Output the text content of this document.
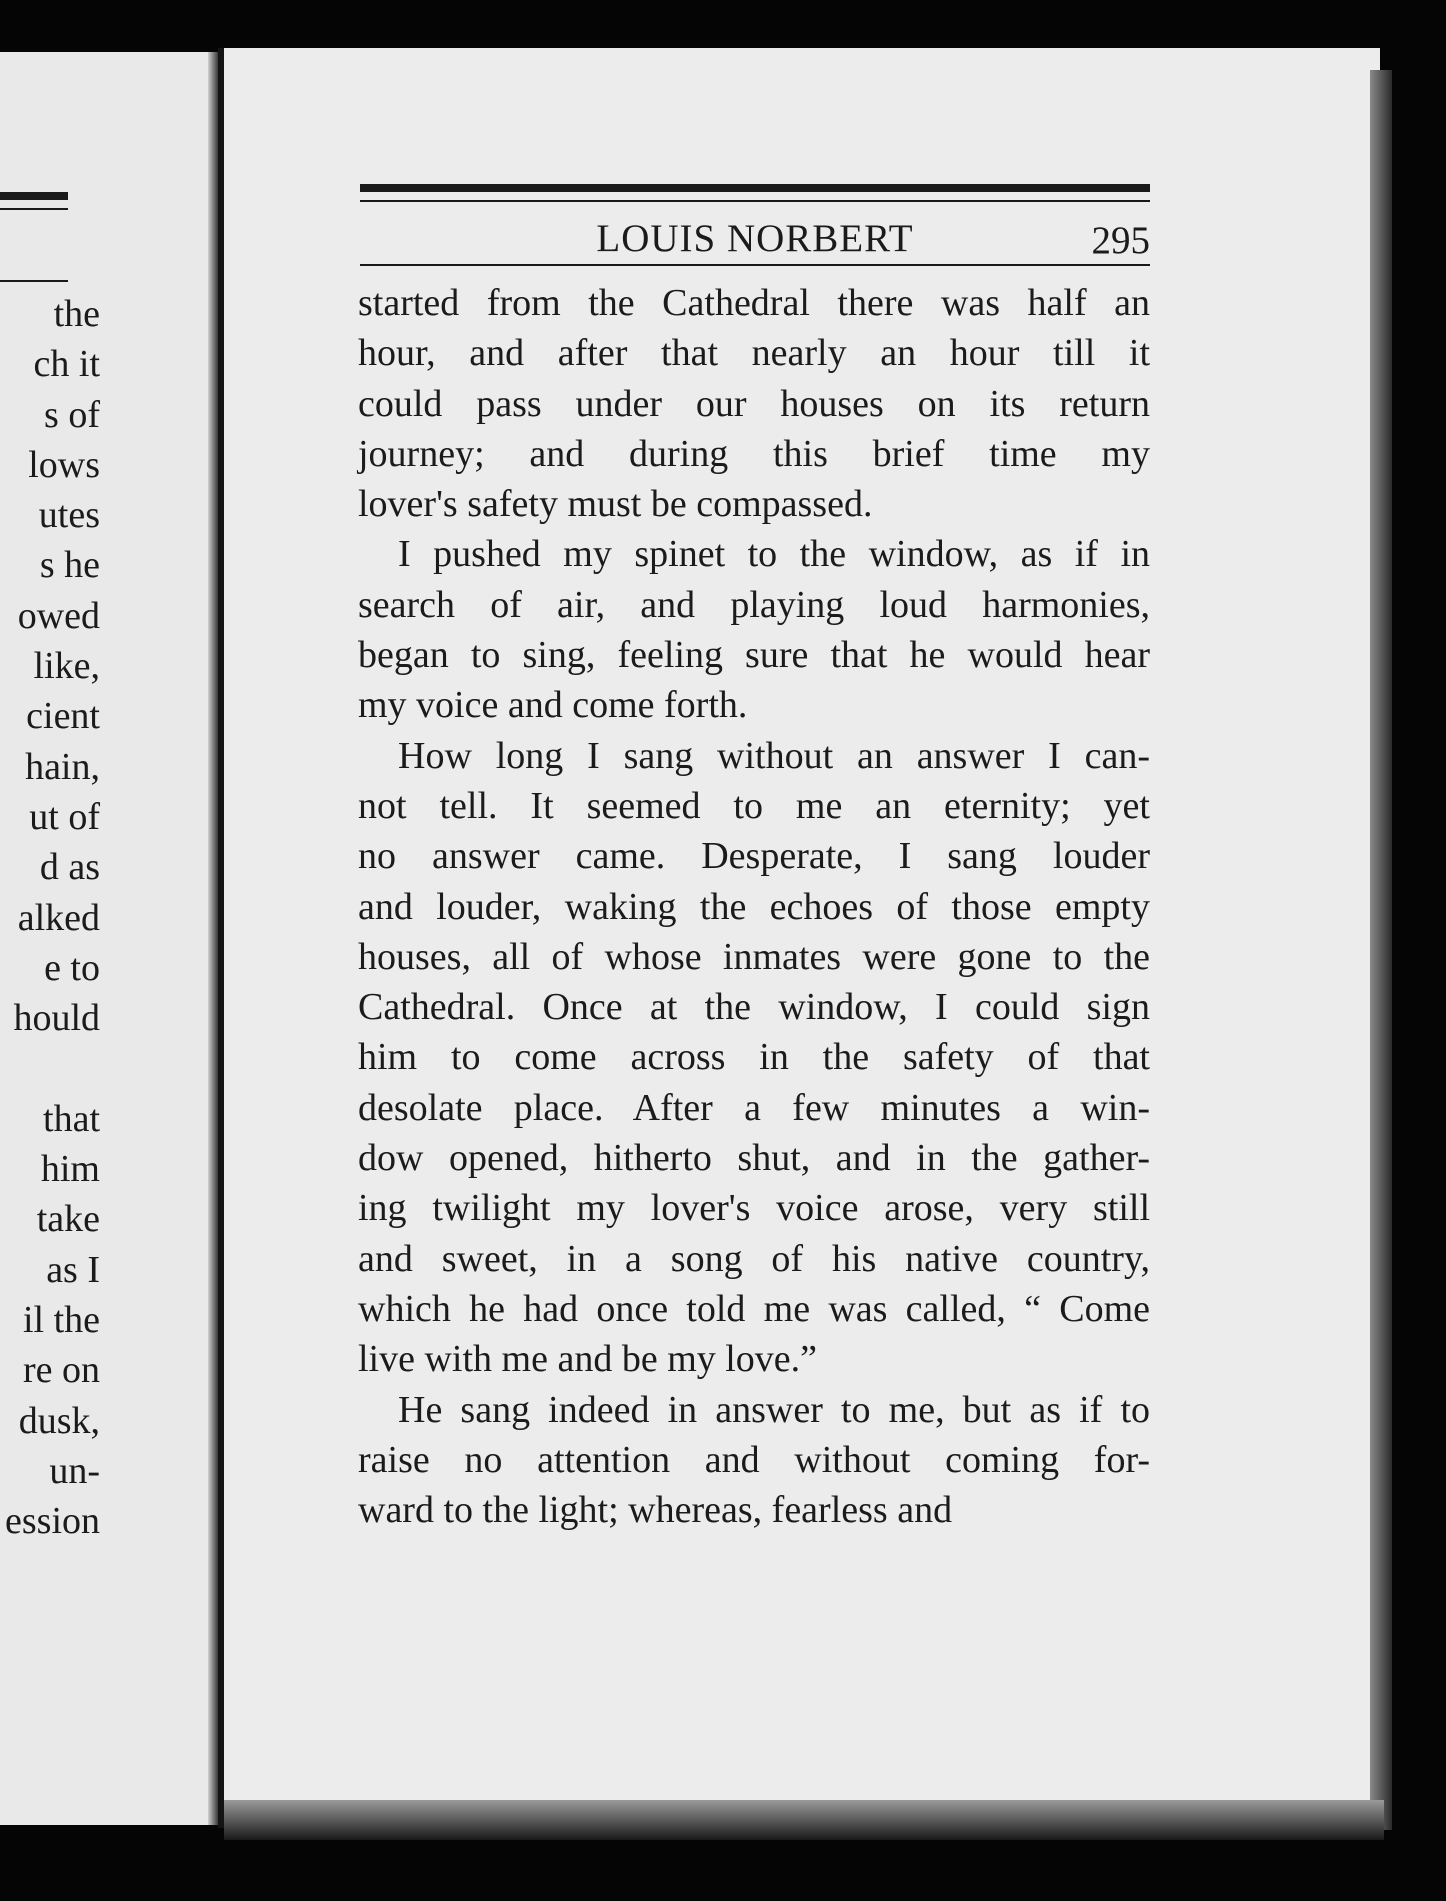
the
ch it
s of
lows
utes
s he
owed
like,
cient
hain,
ut of
d as
alked
e to
hould
that
him
take
as I
il the
re on
dusk,
un-
ession
LOUIS NORBERT	295

started from the Cathedral there was half an
hour, and after that nearly an hour till it
could pass under our houses on its return
journey; and during this brief time my
lover's safety must be compassed.

I pushed my spinet to the window, as if in
search of air, and playing loud harmonies,
began to sing, feeling sure that he would hear
my voice and come forth.

How long I sang without an answer I can-
not tell. It seemed to me an eternity; yet
no answer came. Desperate, I sang louder
and louder, waking the echoes of those empty
houses, all of whose inmates were gone to the
Cathedral. Once at the window, I could sign
him to come across in the safety of that
desolate place. After a few minutes a win-
dow opened, hitherto shut, and in the gather-
ing twilight my lover's voice arose, very still
and sweet, in a song of his native country,
which he had once told me was called, “ Come
live with me and be my love.”

He sang indeed in answer to me, but as if to
raise no attention and without coming for-
ward to the light; whereas, fearless and
